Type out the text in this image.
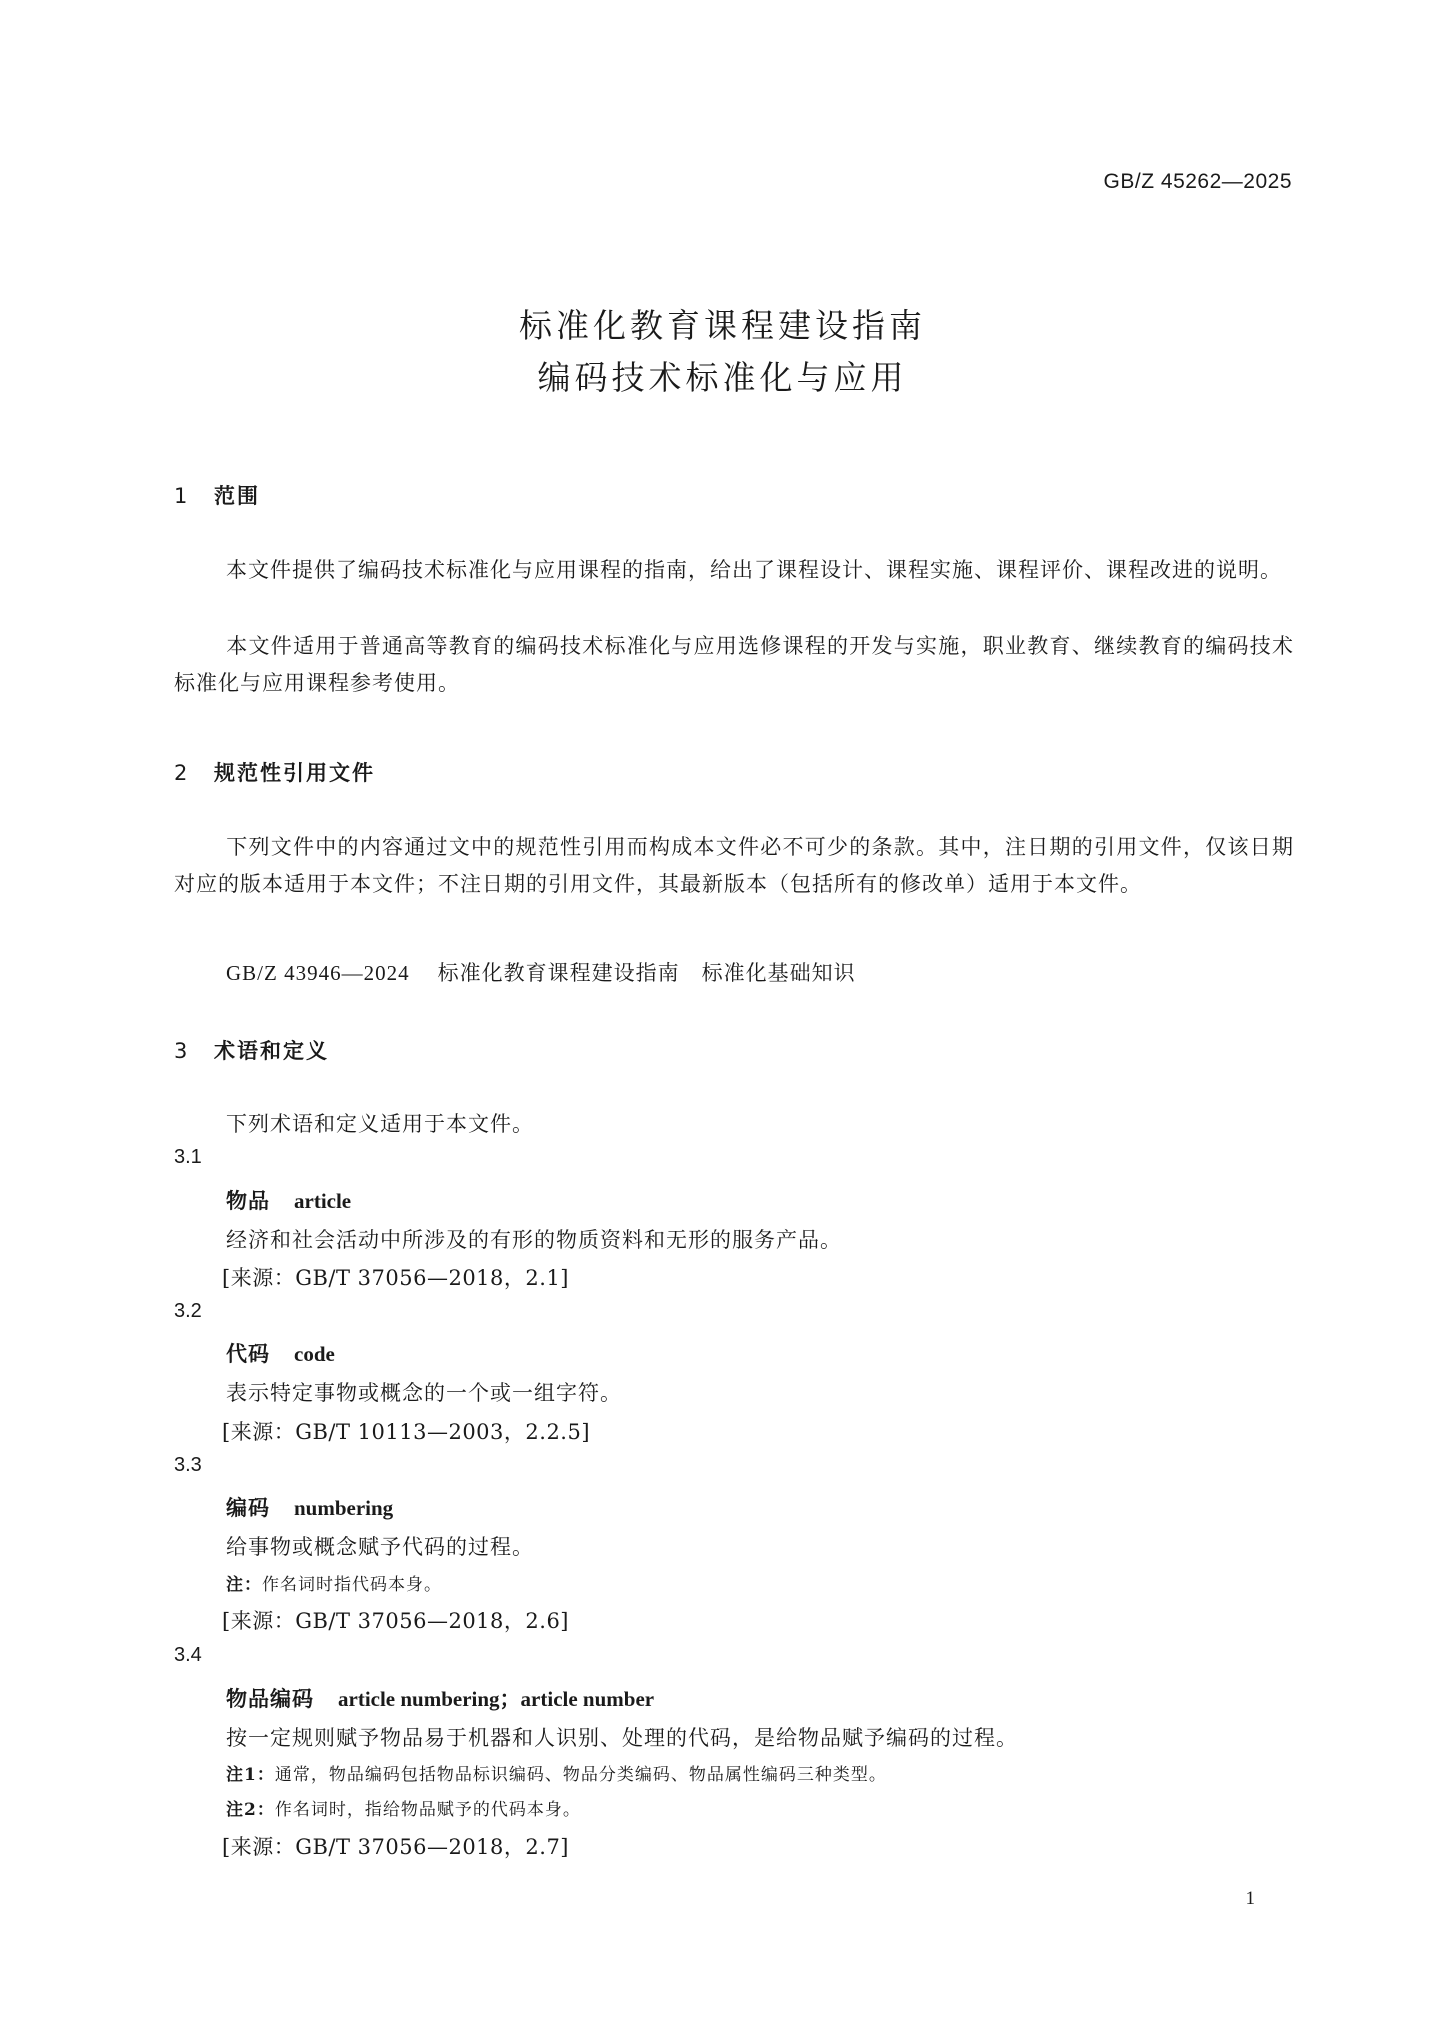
GB/Z 45262—2025
标准化教育课程建设指南
编码技术标准化与应用
1 范围
本文件提供了编码技术标准化与应用课程的指南，给出了课程设计、课程实施、课程评价、课程改进的说明。
本文件适用于普通高等教育的编码技术标准化与应用选修课程的开发与实施，职业教育、继续教育的编码技术标准化与应用课程参考使用。
2 规范性引用文件
下列文件中的内容通过文中的规范性引用而构成本文件必不可少的条款。其中，注日期的引用文件，仅该日期对应的版本适用于本文件；不注日期的引用文件，其最新版本（包括所有的修改单）适用于本文件。
GB/Z 43946—2024 标准化教育课程建设指南　标准化基础知识
3 术语和定义
下列术语和定义适用于本文件。
3.1
物品 article
经济和社会活动中所涉及的有形的物质资料和无形的服务产品。
[来源：GB/T 37056—2018，2.1]
3.2
代码 code
表示特定事物或概念的一个或一组字符。
[来源：GB/T 10113—2003，2.2.5]
3.3
编码 numbering
给事物或概念赋予代码的过程。
注：作名词时指代码本身。
[来源：GB/T 37056—2018，2.6]
3.4
物品编码 article numbering；article number
按一定规则赋予物品易于机器和人识别、处理的代码，是给物品赋予编码的过程。
注1：通常，物品编码包括物品标识编码、物品分类编码、物品属性编码三种类型。
注2：作名词时，指给物品赋予的代码本身。
[来源：GB/T 37056—2018，2.7]
1
